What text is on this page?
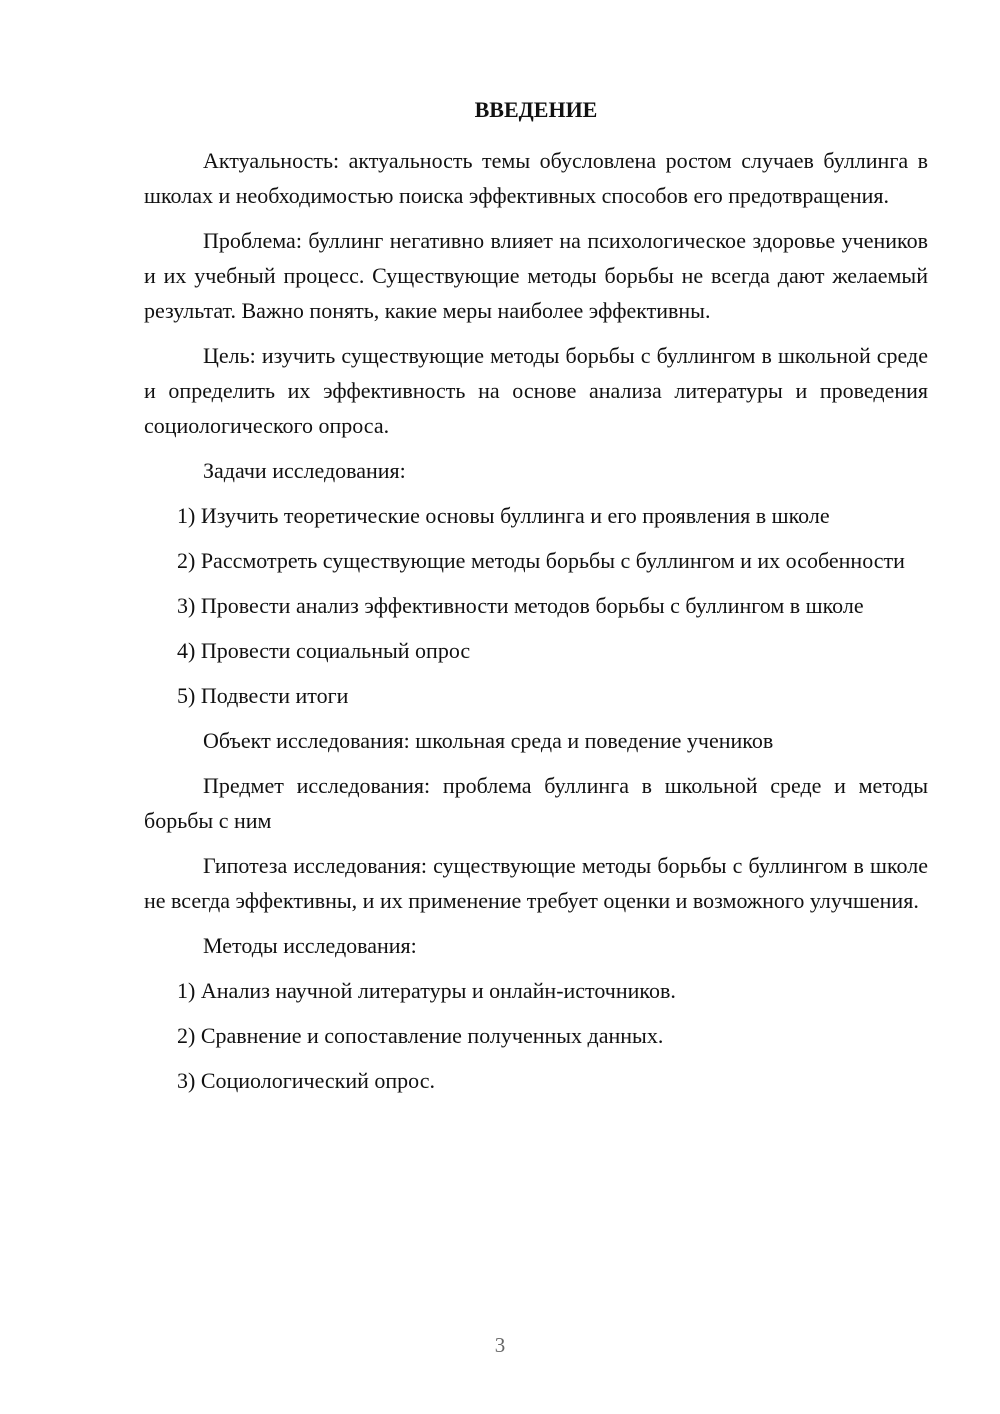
ВВЕДЕНИЕ

Актуальность: актуальность темы обусловлена ростом случаев буллинга в школах и необходимостью поиска эффективных способов его предотвращения.

Проблема: буллинг негативно влияет на психологическое здоровье учеников и их учебный процесс. Существующие методы борьбы не всегда дают желаемый результат. Важно понять, какие меры наиболее эффективны.

Цель: изучить существующие методы борьбы с буллингом в школьной среде и определить их эффективность на основе анализа литературы и проведения социологического опроса.

Задачи исследования:

1) Изучить теоретические основы буллинга и его проявления в школе

2) Рассмотреть существующие методы борьбы с буллингом и их особенности

3) Провести анализ эффективности методов борьбы с буллингом в школе

4) Провести социальный опрос

5) Подвести итоги

Объект исследования: школьная среда и поведение учеников

Предмет исследования: проблема буллинга в школьной среде и методы борьбы с ним

Гипотеза исследования: существующие методы борьбы с буллингом в школе не всегда эффективны, и их применение требует оценки и возможного улучшения.

Методы исследования:

1) Анализ научной литературы и онлайн-источников.

2) Сравнение и сопоставление полученных данных.

3) Социологический опрос.

3
